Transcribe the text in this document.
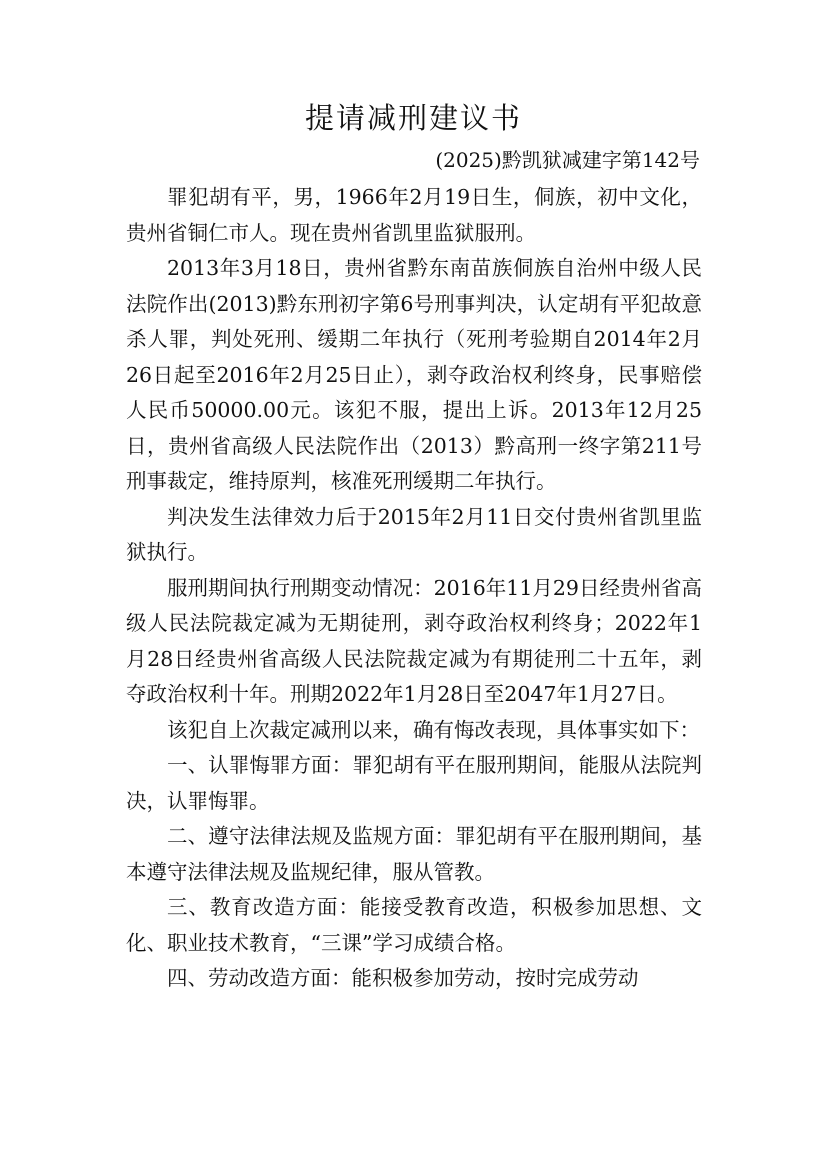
提请减刑建议书
(2025)黔凯狱减建字第142号

罪犯胡有平，男，1966年2月19日生，侗族，初中文化，贵州省铜仁市人。现在贵州省凯里监狱服刑。

2013年3月18日，贵州省黔东南苗族侗族自治州中级人民法院作出(2013)黔东刑初字第6号刑事判决，认定胡有平犯故意杀人罪，判处死刑、缓期二年执行（死刑考验期自2014年2月26日起至2016年2月25日止），剥夺政治权利终身，民事赔偿人民币50000.00元。该犯不服，提出上诉。2013年12月25日，贵州省高级人民法院作出（2013）黔高刑一终字第211号刑事裁定，维持原判，核准死刑缓期二年执行。

判决发生法律效力后于2015年2月11日交付贵州省凯里监狱执行。

服刑期间执行刑期变动情况：2016年11月29日经贵州省高级人民法院裁定减为无期徒刑，剥夺政治权利终身；2022年1月28日经贵州省高级人民法院裁定减为有期徒刑二十五年，剥夺政治权利十年。刑期2022年1月28日至2047年1月27日。

该犯自上次裁定减刑以来，确有悔改表现，具体事实如下：

一、认罪悔罪方面：罪犯胡有平在服刑期间，能服从法院判决，认罪悔罪。

二、遵守法律法规及监规方面：罪犯胡有平在服刑期间，基本遵守法律法规及监规纪律，服从管教。

三、教育改造方面：能接受教育改造，积极参加思想、文化、职业技术教育，“三课”学习成绩合格。

四、劳动改造方面：能积极参加劳动，按时完成劳动
